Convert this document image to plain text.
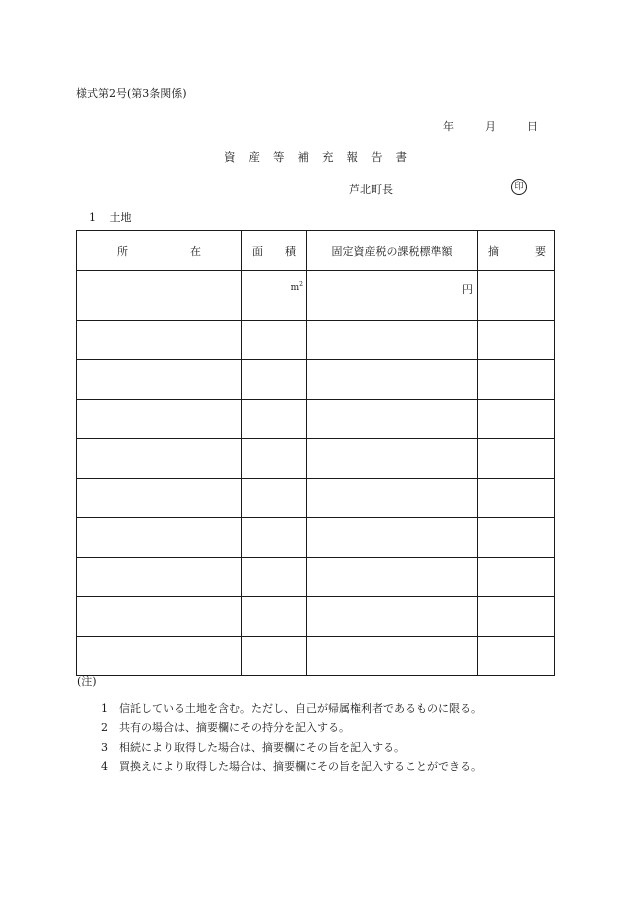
様式第2号(第3条関係)
年	月	日
資産等補充報告書
芦北町長	印
1 土地
所 在	面 積	固定資産税の課税標準額	摘 要

	$m^2$	円	

(注)
1 信託している土地を含む。ただし、自己が帰属権利者であるものに限る。
2 共有の場合は、摘要欄にその持分を記入する。
3 相続により取得した場合は、摘要欄にその旨を記入する。
4 買換えにより取得した場合は、摘要欄にその旨を記入することができる。
